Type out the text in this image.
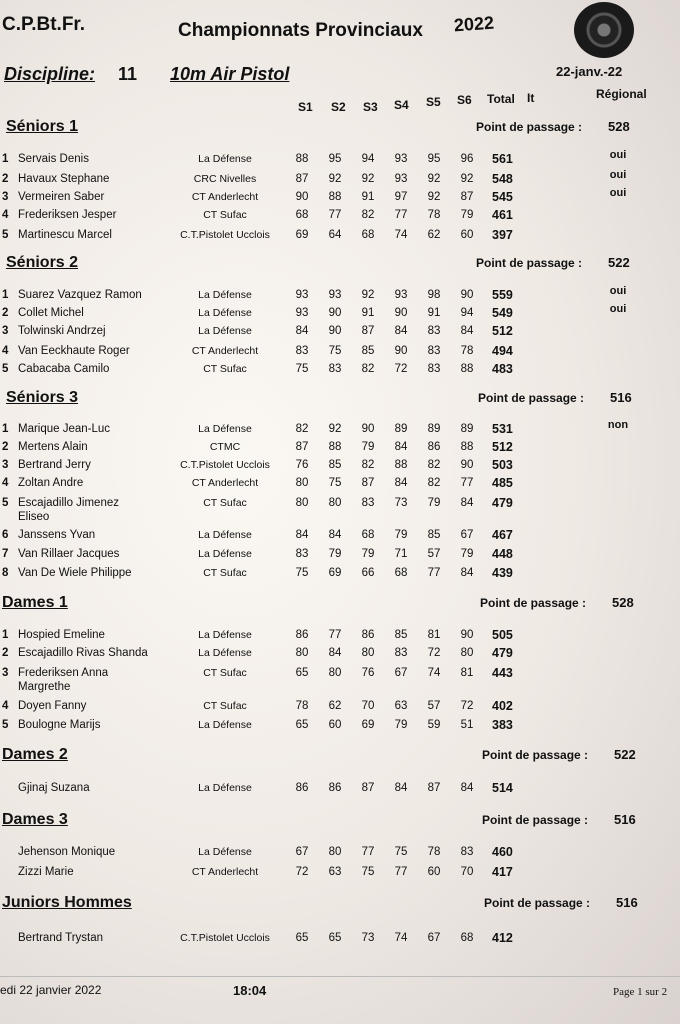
C.P.Bt.Fr.	Championnats Provinciaux 2022
Discipline: 11 10m Air Pistol	22-janv.-22
S1 S2 S3 S4 S5 S6 Total It	Régional
Séniors 1	Point de passage : 528
1 Servais Denis	La Défense	88	95	94	93	95	96	561	oui
2 Havaux Stephane	CRC Nivelles	87	92	92	93	92	92	548	oui
3 Vermeiren Saber	CT Anderlecht	90	88	91	97	92	87	545	oui
4 Frederiksen Jesper	CT Sufac	68	77	82	77	78	79	461
5 Martinescu Marcel	C.T.Pistolet Ucclois	69	64	68	74	62	60	397
Séniors 2	Point de passage : 522
1 Suarez Vazquez Ramon	La Défense	93	93	92	93	98	90	559	oui
2 Collet Michel	La Défense	93	90	91	90	91	94	549	oui
3 Tolwinski Andrzej	La Défense	84	90	87	84	83	84	512
4 Van Eeckhaute Roger	CT Anderlecht	83	75	85	90	83	78	494
5 Cabacaba Camilo	CT Sufac	75	83	82	72	83	88	483
Séniors 3	Point de passage : 516
1 Marique Jean-Luc	La Défense	82	92	90	89	89	89	531	non
2 Mertens Alain	CTMC	87	88	79	84	86	88	512
3 Bertrand Jerry	C.T.Pistolet Ucclois	76	85	82	88	82	90	503
4 Zoltan Andre	CT Anderlecht	80	75	87	84	82	77	485
5 Escajadillo Jimenez
Eliseo
CT Sufac	80	80	83	73	79	84	479
6 Janssens Yvan	La Défense	84	84	68	79	85	67	467
7 Van Rillaer Jacques	La Défense	83	79	79	71	57	79	448
8 Van De Wiele Philippe	CT Sufac	75	69	66	68	77	84	439
Dames 1	Point de passage : 528
1 Hospied Emeline	La Défense	86	77	86	85	81	90	505
2 Escajadillo Rivas Shanda	La Défense	80	84	80	83	72	80	479
3 Frederiksen Anna
Margrethe
CT Sufac	65	80	76	67	74	81	443
4 Doyen Fanny	CT Sufac	78	62	70	63	57	72	402
5 Boulogne Marijs	La Défense	65	60	69	79	59	51	383
Dames 2	Point de passage : 522
Gjinaj Suzana	La Défense	86	86	87	84	87	84	514
Dames 3	Point de passage : 516
Jehenson Monique	La Défense	67	80	77	75	78	83	460
Zizzi Marie	CT Anderlecht	72	63	75	77	60	70	417
Juniors Hommes	Point de passage : 516
Bertrand Trystan	C.T.Pistolet Ucclois	65	65	73	74	67	68	412
edi 22 janvier 2022	18:04	Page 1 sur 2
